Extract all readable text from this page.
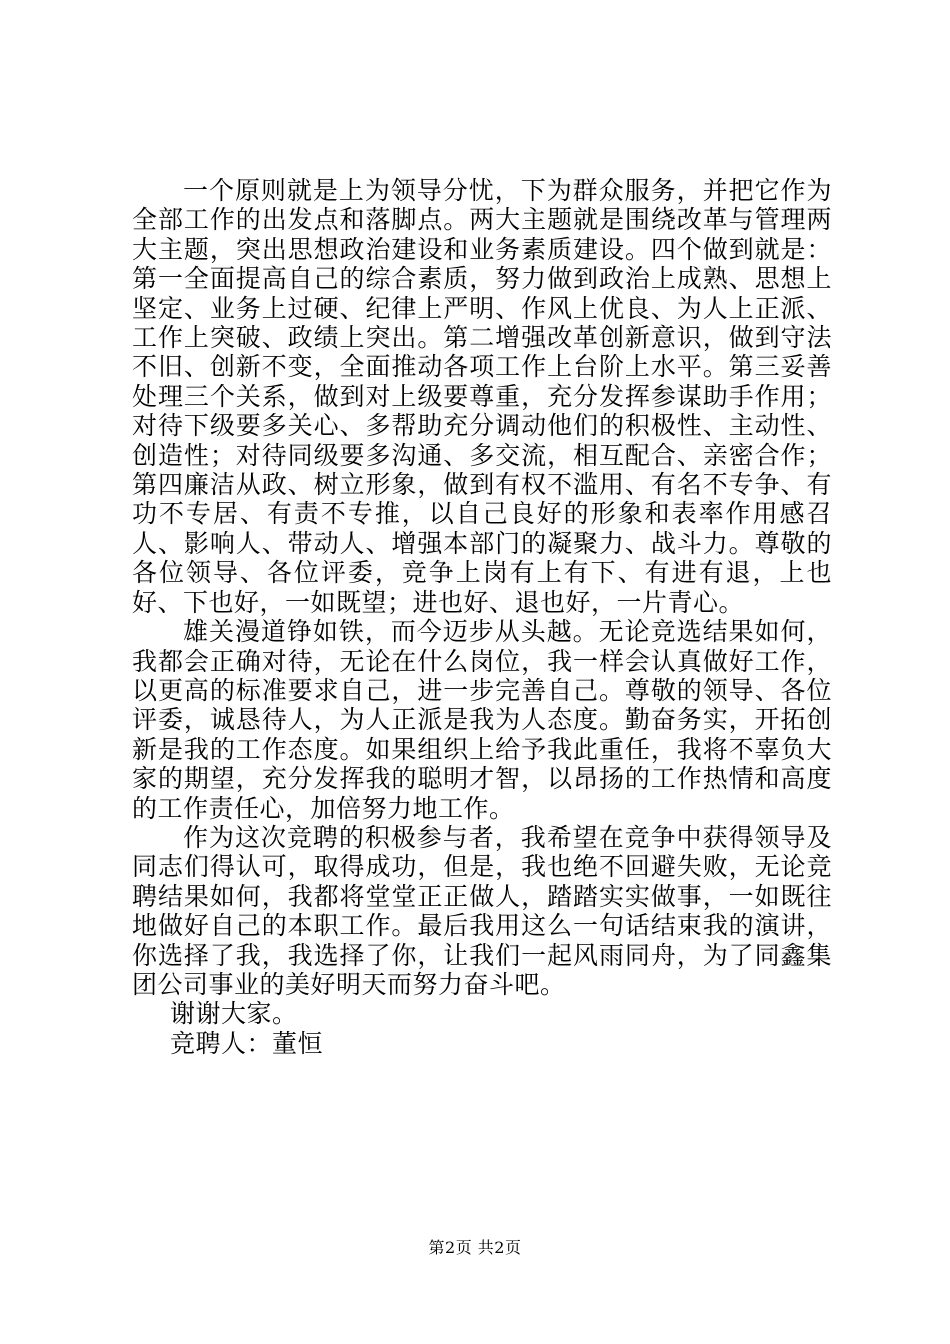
一个原则就是上为领导分忧，下为群众服务，并把它作为全部工作的出发点和落脚点。两大主题就是围绕改革与管理两大主题，突出思想政治建设和业务素质建设。四个做到就是：第一全面提高自己的综合素质，努力做到政治上成熟、思想上坚定、业务上过硬、纪律上严明、作风上优良、为人上正派、工作上突破、政绩上突出。第二增强改革创新意识，做到守法不旧、创新不变，全面推动各项工作上台阶上水平。第三妥善处理三个关系，做到对上级要尊重，充分发挥参谋助手作用；对待下级要多关心、多帮助充分调动他们的积极性、主动性、创造性；对待同级要多沟通、多交流，相互配合、亲密合作；第四廉洁从政、树立形象，做到有权不滥用、有名不专争、有功不专居、有责不专推，以自己良好的形象和表率作用感召人、影响人、带动人、增强本部门的凝聚力、战斗力。尊敬的各位领导、各位评委，竞争上岗有上有下、有进有退，上也好、下也好，一如既望；进也好、退也好，一片青心。

雄关漫道铮如铁，而今迈步从头越。无论竞选结果如何，我都会正确对待，无论在什么岗位，我一样会认真做好工作，以更高的标准要求自己，进一步完善自己。尊敬的领导、各位评委，诚恳待人，为人正派是我为人态度。勤奋务实，开拓创新是我的工作态度。如果组织上给予我此重任，我将不辜负大家的期望，充分发挥我的聪明才智，以昂扬的工作热情和高度的工作责任心，加倍努力地工作。

作为这次竞聘的积极参与者，我希望在竞争中获得领导及同志们得认可，取得成功，但是，我也绝不回避失败，无论竞聘结果如何，我都将堂堂正正做人，踏踏实实做事，一如既往地做好自己的本职工作。最后我用这么一句话结束我的演讲，你选择了我，我选择了你，让我们一起风雨同舟，为了同鑫集团公司事业的美好明天而努力奋斗吧。

谢谢大家。

竞聘人：董恒

第2页 共2页
